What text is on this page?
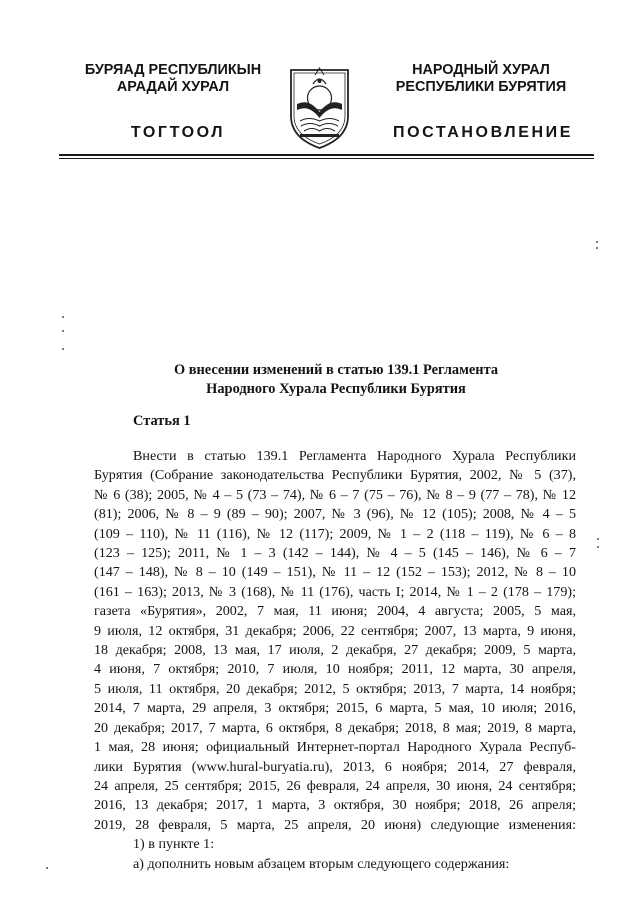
БУРЯАД РЕСПУБЛИКЫН
АРАДАЙ ХУРАЛ
НАРОДНЫЙ ХУРАЛ
РЕСПУБЛИКИ БУРЯТИЯ
ТОГТООЛ	ПОСТАНОВЛЕНИЕ
О внесении изменений в статью 139.1 Регламента
Народного Хурала Республики Бурятия
Статья 1
Внести в статью 139.1 Регламента Народного Хурала Республики
Бурятия (Собрание законодательства Республики Бурятия, 2002, № 5 (37),
№ 6 (38); 2005, № 4 – 5 (73 – 74), № 6 – 7 (75 – 76), № 8 – 9 (77 – 78), № 12
(81); 2006, № 8 – 9 (89 – 90); 2007, № 3 (96), № 12 (105); 2008, № 4 – 5
(109 – 110), № 11 (116), № 12 (117); 2009, № 1 – 2 (118 – 119), № 6 – 8
(123 – 125); 2011, № 1 – 3 (142 – 144), № 4 – 5 (145 – 146), № 6 – 7
(147 – 148), № 8 – 10 (149 – 151), № 11 – 12 (152 – 153); 2012, № 8 – 10
(161 – 163); 2013, № 3 (168), № 11 (176), часть I; 2014, № 1 – 2 (178 – 179);
газета «Бурятия», 2002, 7 мая, 11 июня; 2004, 4 августа; 2005, 5 мая,
9 июля, 12 октября, 31 декабря; 2006, 22 сентября; 2007, 13 марта, 9 июня,
18 декабря; 2008, 13 мая, 17 июля, 2 декабря, 27 декабря; 2009, 5 марта,
4 июня, 7 октября; 2010, 7 июля, 10 ноября; 2011, 12 марта, 30 апреля,
5 июля, 11 октября, 20 декабря; 2012, 5 октября; 2013, 7 марта, 14 ноября;
2014, 7 марта, 29 апреля, 3 октября; 2015, 6 марта, 5 мая, 10 июля; 2016,
20 декабря; 2017, 7 марта, 6 октября, 8 декабря; 2018, 8 мая; 2019, 8 марта,
1 мая, 28 июня; официальный Интернет-портал Народного Хурала Респуб-
лики Бурятия (www.hural-buryatia.ru), 2013, 6 ноября; 2014, 27 февраля,
24 апреля, 25 сентября; 2015, 26 февраля, 24 апреля, 30 июня, 24 сентября;
2016, 13 декабря; 2017, 1 марта, 3 октября, 30 ноября; 2018, 26 апреля;
2019, 28 февраля, 5 марта, 25 апреля, 20 июня) следующие изменения:
1) в пункте 1:
а) дополнить новым абзацем вторым следующего содержания:
